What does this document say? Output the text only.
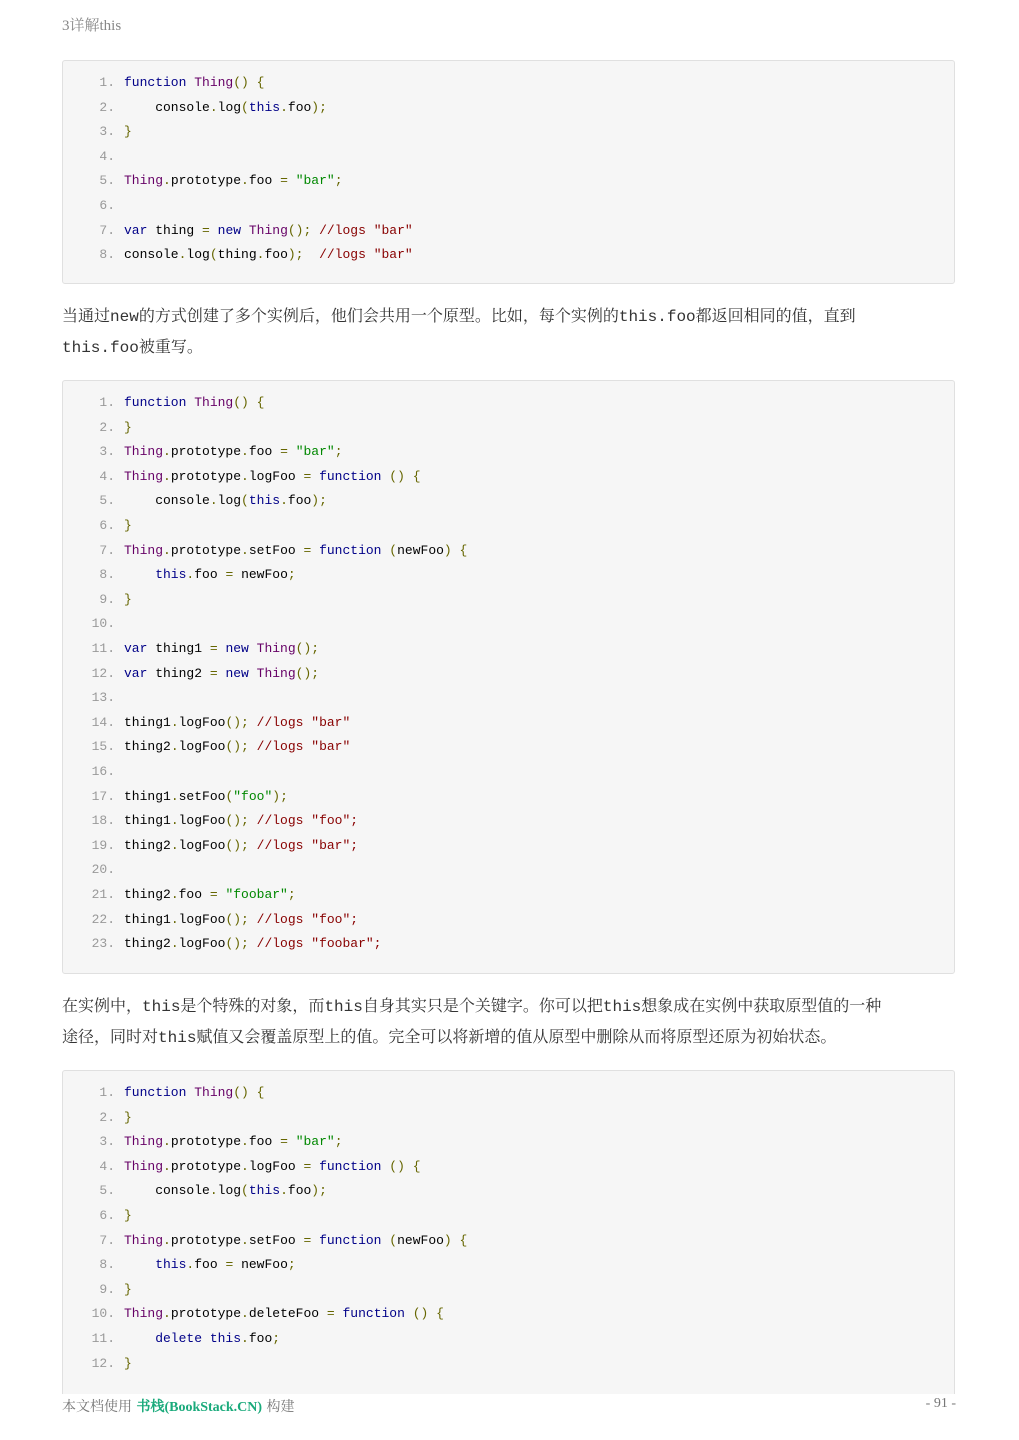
3详解this
1. function Thing() {
2. console.log(this.foo);
3. }
4.
5. Thing.prototype.foo = "bar";
6.
7. var thing = new Thing(); //logs "bar"
8. console.log(thing.foo);  //logs "bar"
当通过new的方式创建了多个实例后，他们会共用一个原型。比如，每个实例的this.foo都返回相同的值，直到
this.foo被重写。
1. function Thing() {
2. }
3. Thing.prototype.foo = "bar";
4. Thing.prototype.logFoo = function () {
5. console.log(this.foo);
6. }
7. Thing.prototype.setFoo = function (newFoo) {
8. this.foo = newFoo;
9. }
10.
11. var thing1 = new Thing();
12. var thing2 = new Thing();
13.
14. thing1.logFoo(); //logs "bar"
15. thing2.logFoo(); //logs "bar"
16.
17. thing1.setFoo("foo");
18. thing1.logFoo(); //logs "foo";
19. thing2.logFoo(); //logs "bar";
20.
21. thing2.foo = "foobar";
22. thing1.logFoo(); //logs "foo";
23. thing2.logFoo(); //logs "foobar";
在实例中，this是个特殊的对象，而this自身其实只是个关键字。你可以把this想象成在实例中获取原型值的一种
途径，同时对this赋值又会覆盖原型上的值。完全可以将新增的值从原型中删除从而将原型还原为初始状态。
1. function Thing() {
2. }
3. Thing.prototype.foo = "bar";
4. Thing.prototype.logFoo = function () {
5. console.log(this.foo);
6. }
7. Thing.prototype.setFoo = function (newFoo) {
8. this.foo = newFoo;
9. }
10. Thing.prototype.deleteFoo = function () {
11. delete this.foo;
12. }
本文档使用 书栈(BookStack.CN) 构建	- 91 -
